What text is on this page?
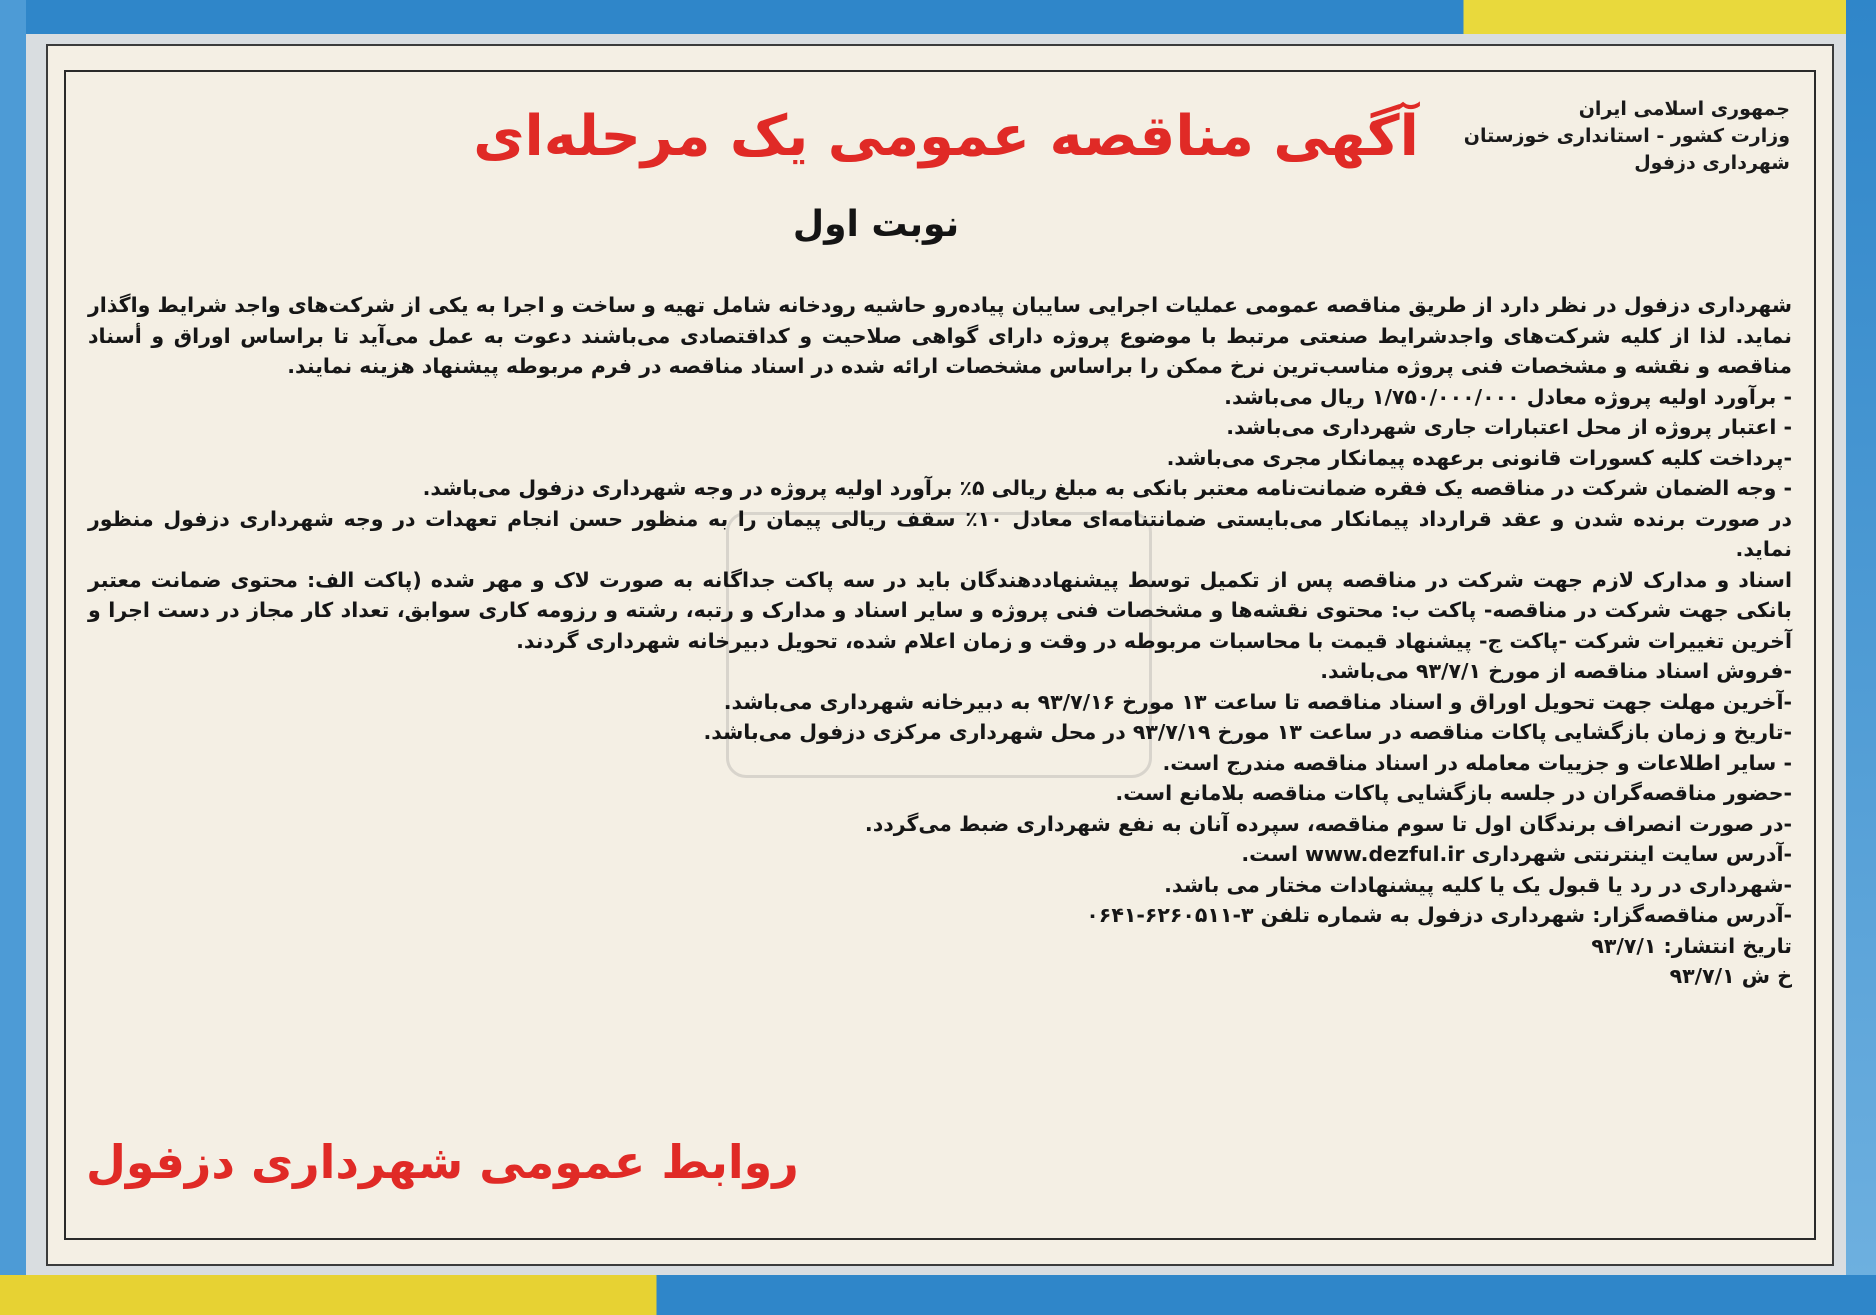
جمهوری اسلامی ایران
وزارت کشور - استانداری خوزستان
شهرداری دزفول
آگهی مناقصه عمومی یک مرحله‌ای
نوبت اول

شهرداری دزفول در نظر دارد از طریق مناقصه عمومی عملیات اجرایی سایبان پیاده‌رو حاشیه رودخانه شامل تهیه و ساخت و اجرا به یکی از شرکت‌های واجد شرایط واگذار نماید. لذا از کلیه شرکت‌های واجدشرایط صنعتی مرتبط با موضوع پروژه دارای گواهی صلاحیت و کداقتصادی می‌باشند دعوت به عمل می‌آید تا براساس اوراق و أسناد مناقصه و نقشه و مشخصات فنی پروژه مناسب‌ترین نرخ ممکن را براساس مشخصات ارائه شده در اسناد مناقصه در فرم مربوطه پیشنهاد هزینه نمایند.

- برآورد اولیه پروژه معادل ۱/۷۵۰/۰۰۰/۰۰۰ ریال می‌باشد.

- اعتبار پروژه از محل اعتبارات جاری شهرداری می‌باشد.

-پرداخت کلیه کسورات قانونی برعهده پیمانکار مجری می‌باشد.

- وجه الضمان شرکت در مناقصه یک فقره ضمانت‌نامه معتبر بانکی به مبلغ ریالی ۵٪ برآورد اولیه پروژه در وجه شهرداری دزفول می‌باشد.

در صورت برنده شدن و عقد قرارداد پیمانکار می‌بایستی ضمانتنامه‌ای معادل ۱۰٪ سقف ریالی پیمان را به منظور حسن انجام تعهدات در وجه شهرداری دزفول منظور نماید.

اسناد و مدارک لازم جهت شرکت در مناقصه پس از تکمیل توسط پیشنهاددهندگان باید در سه پاکت جداگانه به صورت لاک و مهر شده (پاکت الف: محتوی ضمانت معتبر بانکی جهت شرکت در مناقصه- پاکت ب: محتوی نقشه‌ها و مشخصات فنی پروژه و سایر اسناد و مدارک و رتبه، رشته و رزومه کاری سوابق، تعداد کار مجاز در دست اجرا و آخرین تغییرات شرکت -پاکت ج- پیشنهاد قیمت با محاسبات مربوطه در وقت و زمان اعلام شده، تحویل دبیرخانه شهرداری گردند.

-فروش اسناد مناقصه از مورخ ۹۳/۷/۱ می‌باشد.

-آخرین مهلت جهت تحویل اوراق و اسناد مناقصه تا ساعت ۱۳ مورخ ۹۳/۷/۱۶ به دبیرخانه شهرداری می‌باشد.

-تاریخ و زمان بازگشایی پاکات مناقصه در ساعت ۱۳ مورخ ۹۳/۷/۱۹ در محل شهرداری مرکزی دزفول می‌باشد.

- سایر اطلاعات و جزییات معامله در اسناد مناقصه مندرج است.

-حضور مناقصه‌گران در جلسه بازگشایی پاکات مناقصه بلامانع است.

-در صورت انصراف برندگان اول تا سوم مناقصه، سپرده آنان به نفع شهرداری ضبط می‌گردد.

-آدرس سایت اینترنتی شهرداری www.dezful.ir است.

-شهرداری در رد یا قبول یک یا کلیه پیشنهادات مختار می باشد.

-آدرس مناقصه‌گزار: شهرداری دزفول به شماره تلفن ۳-۶۲۶۰۵۱۱-۰۶۴۱

تاریخ انتشار: ۹۳/۷/۱

خ ش ۹۳/۷/۱

روابط عمومی شهرداری دزفول
